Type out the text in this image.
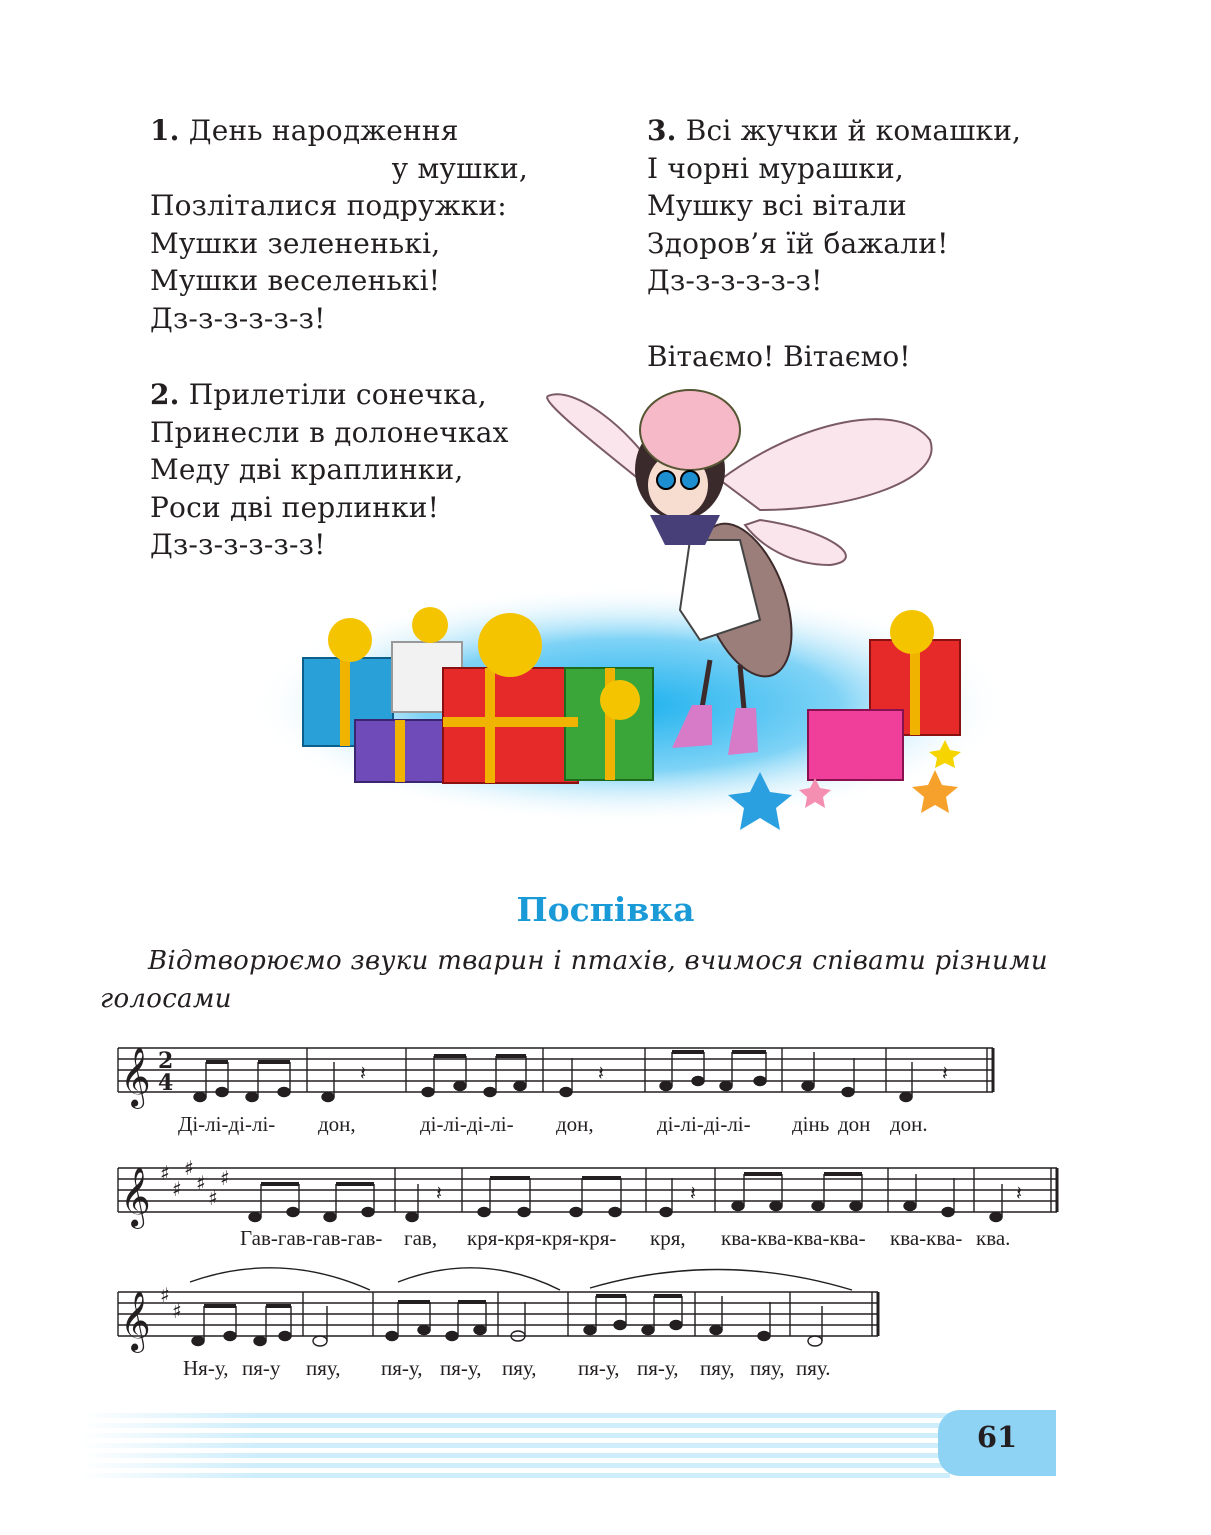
1. День народження
у мушки,
Позліталися подружки:
Мушки зелененькі,
Мушки веселенькі!
Дз-з-з-з-з-з!
2. Прилетіли сонечка,
Принесли в долонечках
Меду дві краплинки,
Роси дві перлинки!
Дз-з-з-з-з-з!
3. Всі жучки й комашки,
І чорні мурашки,
Мушку всі вітали
Здоров’я їй бажали!
Дз-з-з-з-з-з!
Вітаємо! Вітаємо!
Поспівка
Відтворюємо звуки тварин і птахів, вчимося співати різними голосами
𝄞
𝄞
𝄞
2
4
♯
♯
♯
♯
♯
♯
♯
♯
𝄽	𝄽	𝄽
𝄽	𝄽	𝄽
Ді-лі-ді-лі- дон,	ді-лі-ді-лі- дон,	ді-лі-ді-лі- дінь дон дон.
Гав-гав-гав-гав- гав, кря-кря-кря-кря- кря, ква-ква-ква-ква- ква-ква- ква.
Ня-у, пя-у пяу, пя-у, пя-у, пяу, пя-у, пя-у, пяу, пяу, пяу.
61
